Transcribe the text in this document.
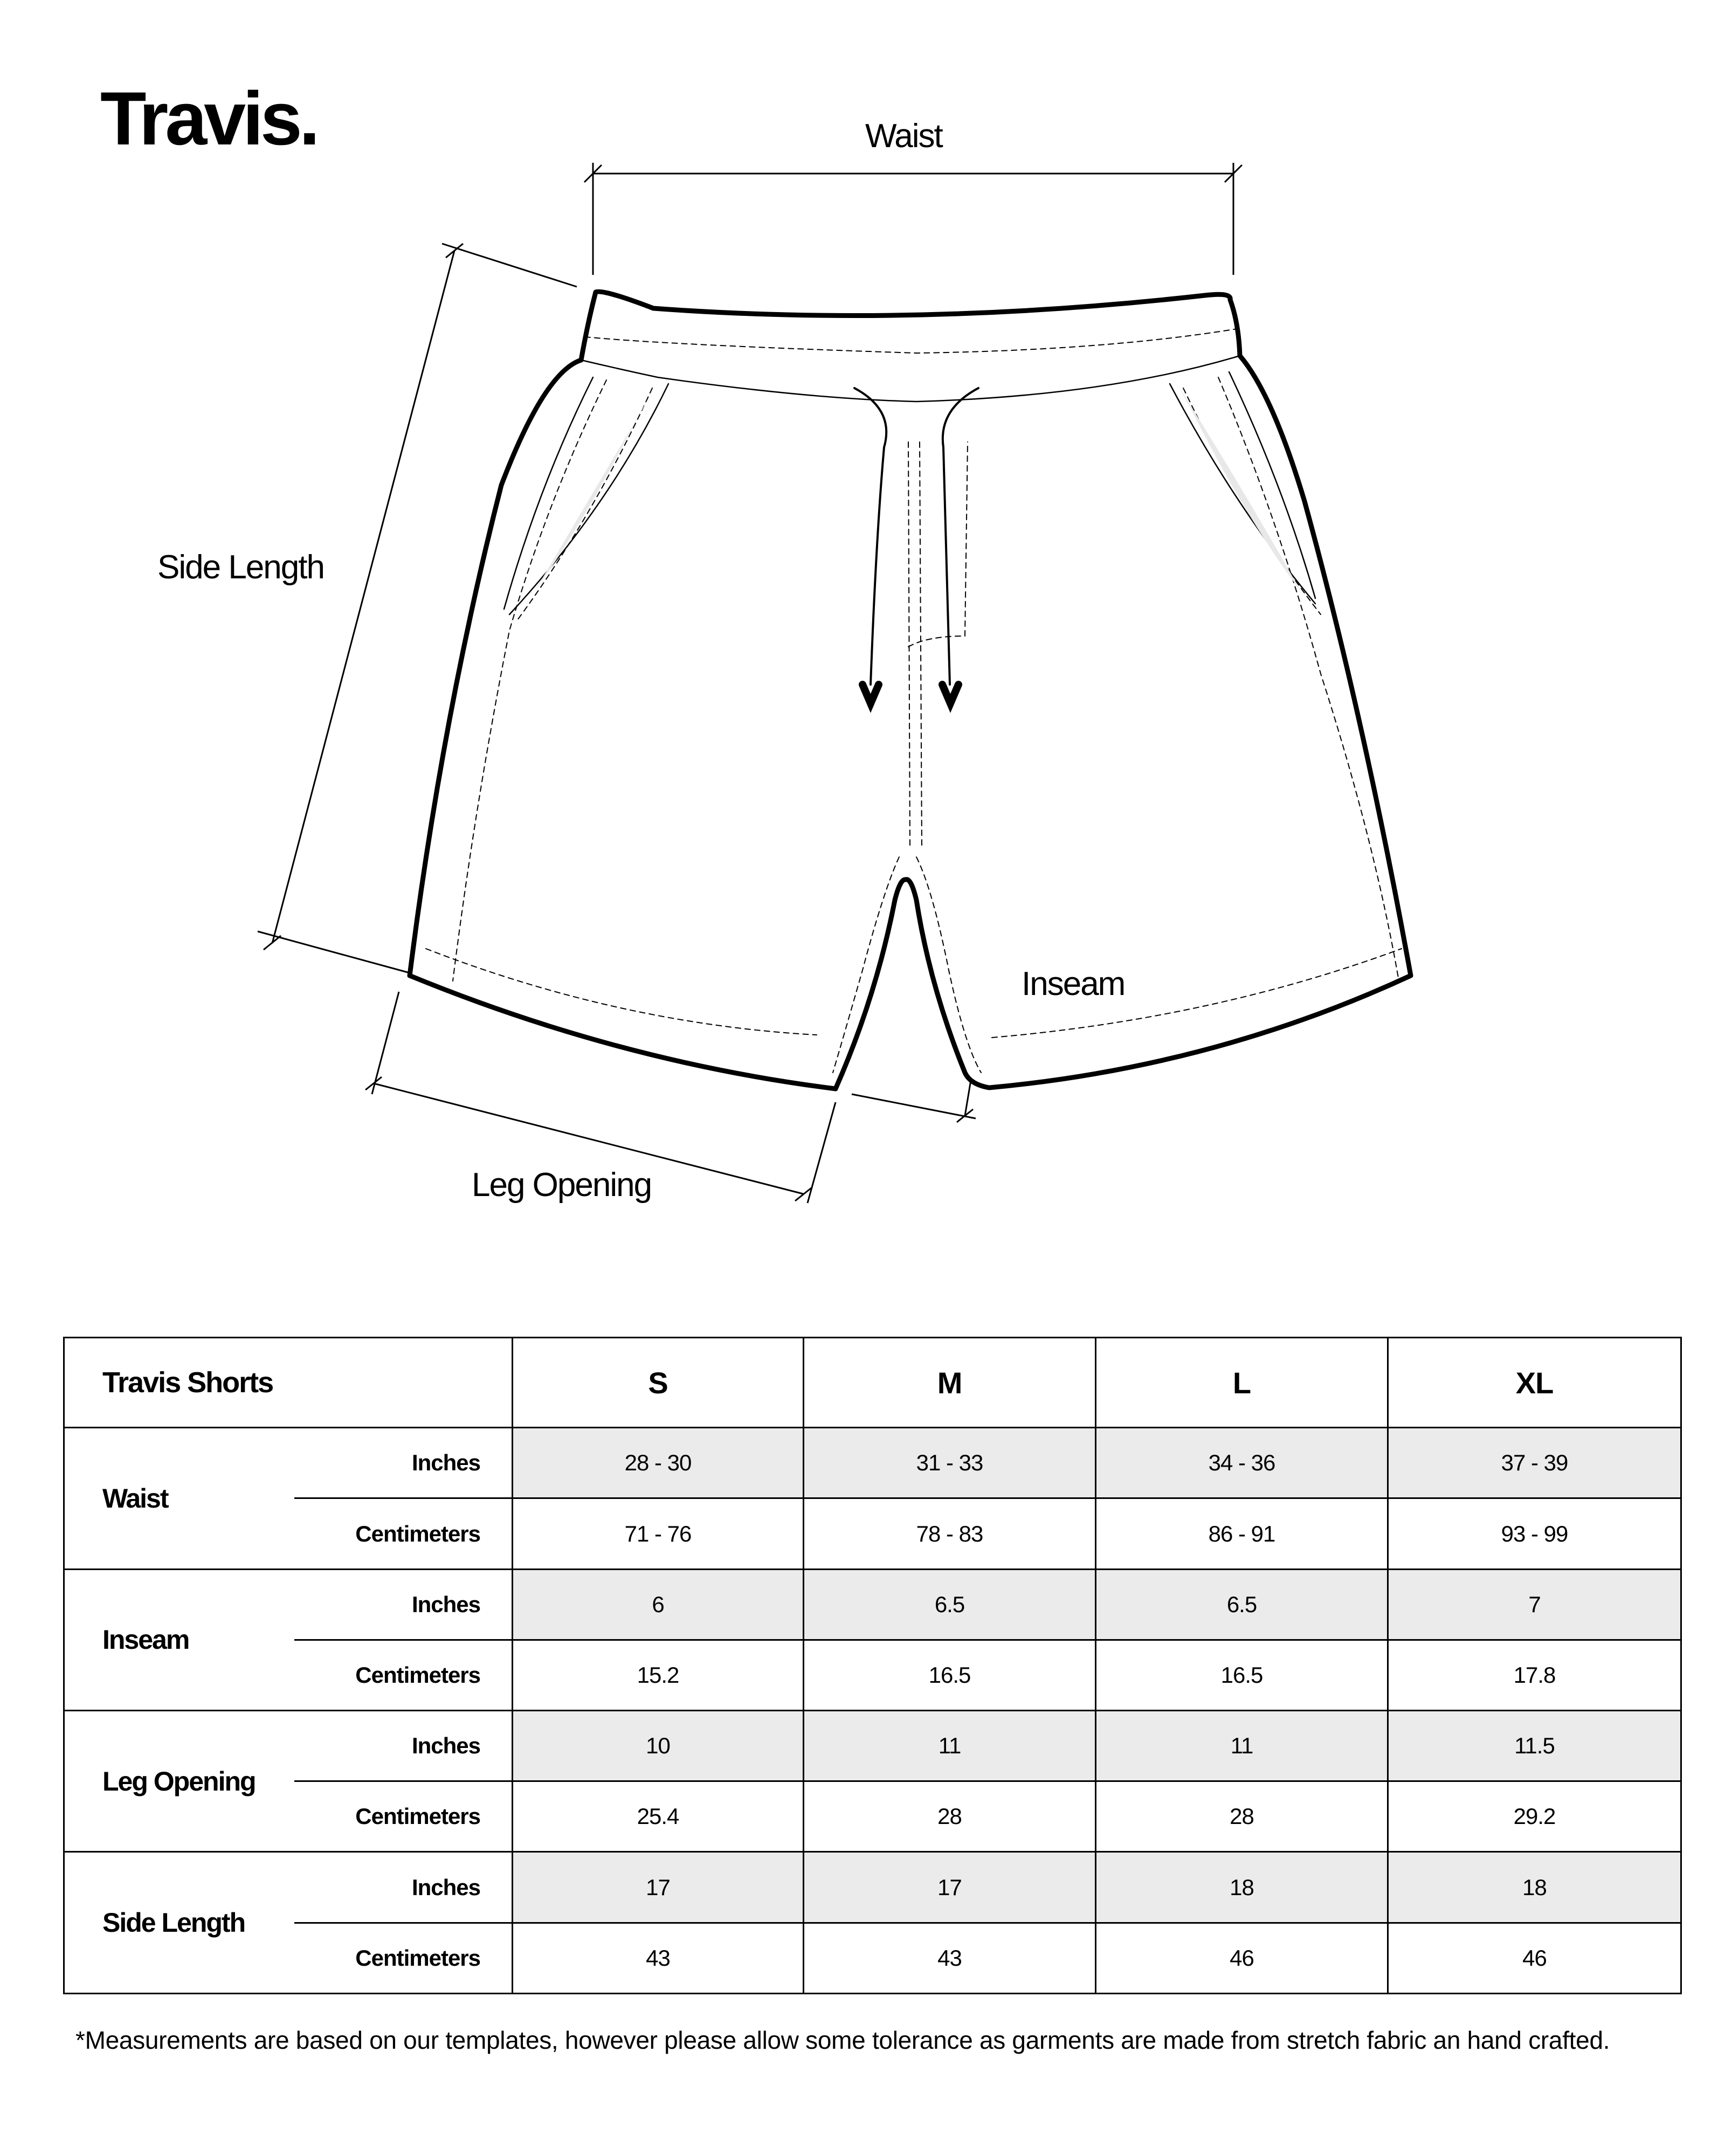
Travis.	Waist
Side Length
Inseam
Leg Opening
Travis Shorts		S	M	L	XL
Waist	Inches	28 - 30	31 - 33	34 - 36	37 - 39
	Centimeters	71 - 76	78 - 83	86 - 91	93 - 99
Inseam	Inches	6	6.5	6.5	7
	Centimeters	15.2	16.5	16.5	17.8
Leg Opening	Inches	10	11	11	11.5
	Centimeters	25.4	28	28	29.2
Side Length	Inches	17	17	18	18
	Centimeters	43	43	46	46

*Measurements are based on our templates, however please allow some tolerance as garments are made from stretch fabric an hand crafted.
